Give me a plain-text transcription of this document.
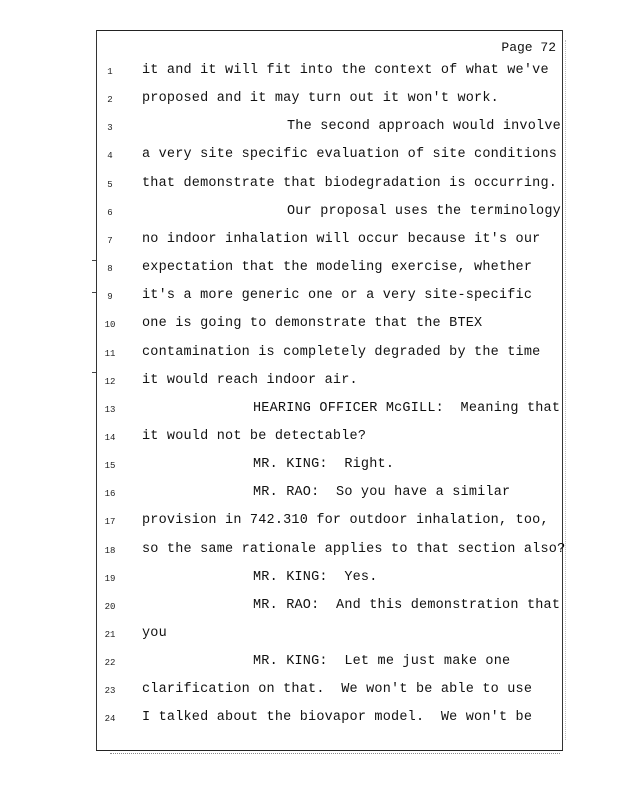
Page 72
1	it and it will fit into the context of what we've
2	proposed and it may turn out it won't work.
3	The second approach would involve
4	a very site specific evaluation of site conditions
5	that demonstrate that biodegradation is occurring.
6	Our proposal uses the terminology
7	no indoor inhalation will occur because it's our
8	expectation that the modeling exercise, whether
9	it's a more generic one or a very site-specific
10	one is going to demonstrate that the BTEX
11	contamination is completely degraded by the time
12	it would reach indoor air.
13	HEARING OFFICER McGILL:  Meaning that
14	it would not be detectable?
15	MR. KING:  Right.
16	MR. RAO:  So you have a similar
17	provision in 742.310 for outdoor inhalation, too,
18	so the same rationale applies to that section also?
19	MR. KING:  Yes.
20	MR. RAO:  And this demonstration that
21	you
22	MR. KING:  Let me just make one
23	clarification on that.  We won't be able to use
24	I talked about the biovapor model.  We won't be
